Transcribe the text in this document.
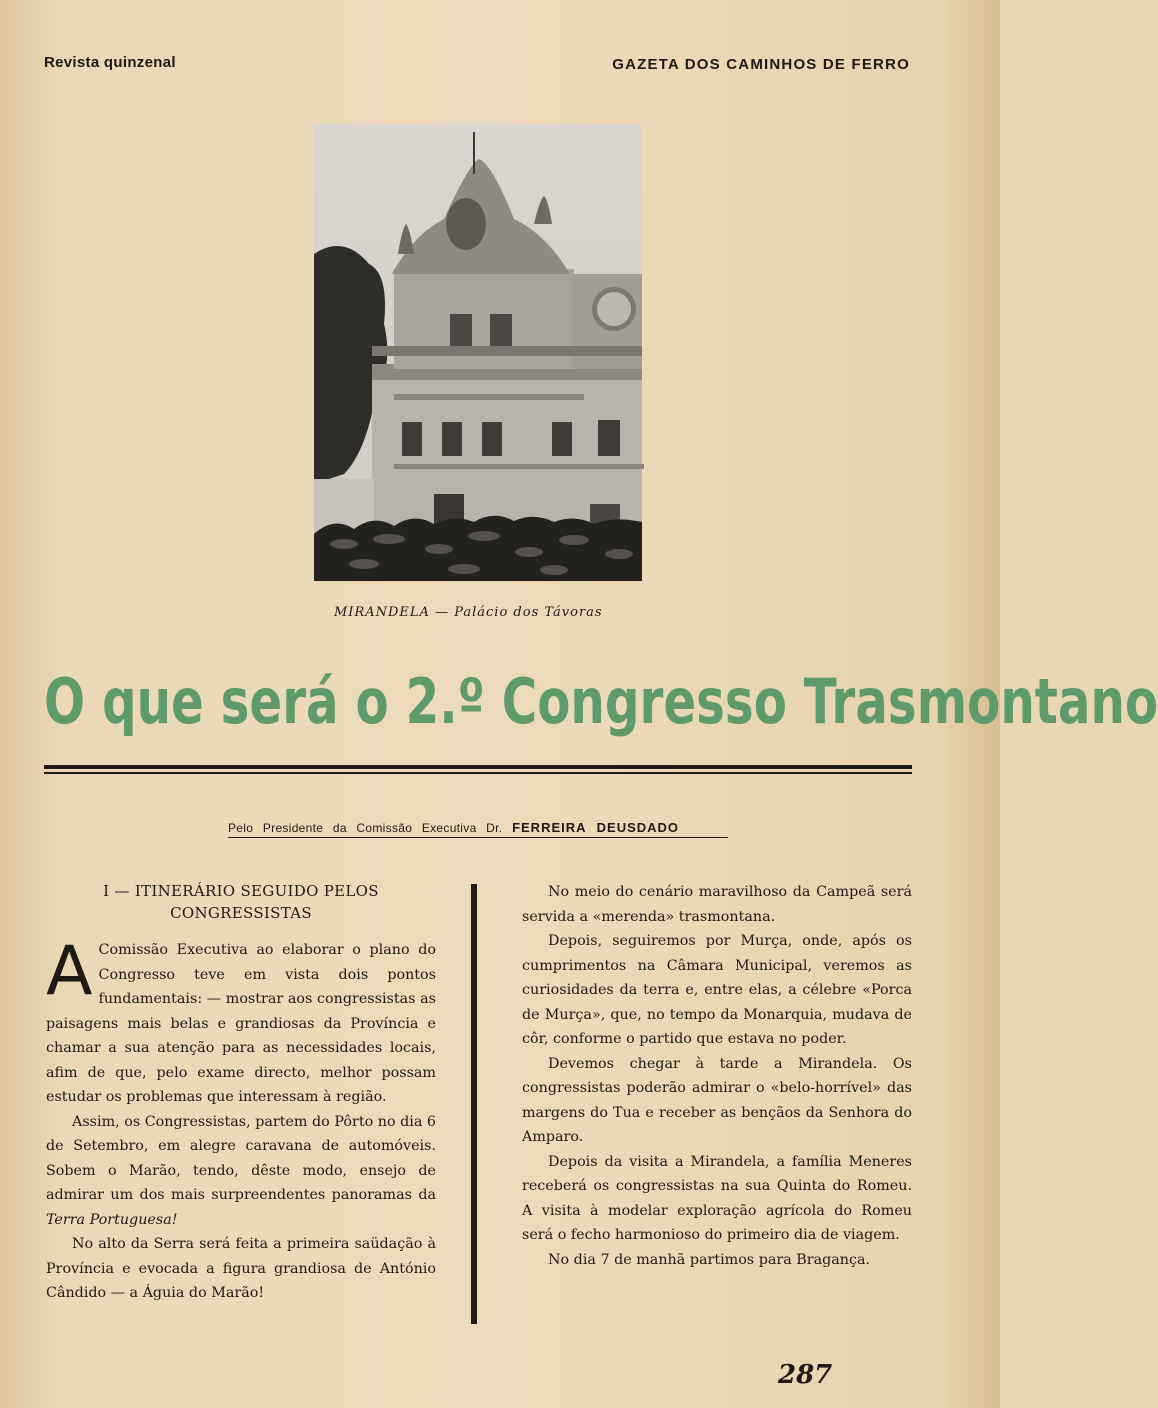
Revista quinzenal	GAZETA DOS CAMINHOS DE FERRO
MIRANDELA — Palácio dos Távoras
O que será o 2.º Congresso Trasmontano
Pelo Presidente da Comissão Executiva Dr. FERREIRA DEUSDADO
I — ITINERÁRIO SEGUIDO PELOS CONGRESSISTAS

A Comissão Executiva ao elaborar o plano do Congresso teve em vista dois pontos fundamentais: — mostrar aos congressistas as paisagens mais belas e grandiosas da Província e chamar a sua atenção para as necessidades locais, afim de que, pelo exame directo, melhor possam estudar os problemas que interessam à região.

Assim, os Congressistas, partem do Pôrto no dia 6 de Setembro, em alegre caravana de automóveis. Sobem o Marão, tendo, dêste modo, ensejo de admirar um dos mais surpreendentes panoramas da Terra Portuguesa!

No alto da Serra será feita a primeira saüdação à Província e evocada a figura grandiosa de António Cândido — a Águia do Marão!

No meio do cenário maravilhoso da Campeã será servida a «merenda» trasmontana.

Depois, seguiremos por Murça, onde, após os cumprimentos na Câmara Municipal, veremos as curiosidades da terra e, entre elas, a célebre «Porca de Murça», que, no tempo da Monarquia, mudava de côr, conforme o partido que estava no poder.

Devemos chegar à tarde a Mirandela. Os congressistas poderão admirar o «belo-horrível» das margens do Tua e receber as bençãos da Senhora do Amparo.

Depois da visita a Mirandela, a família Meneres receberá os congressistas na sua Quinta do Romeu. A visita à modelar exploração agrícola do Romeu será o fecho harmonioso do primeiro dia de viagem.

No dia 7 de manhã partimos para Bragança.

287
